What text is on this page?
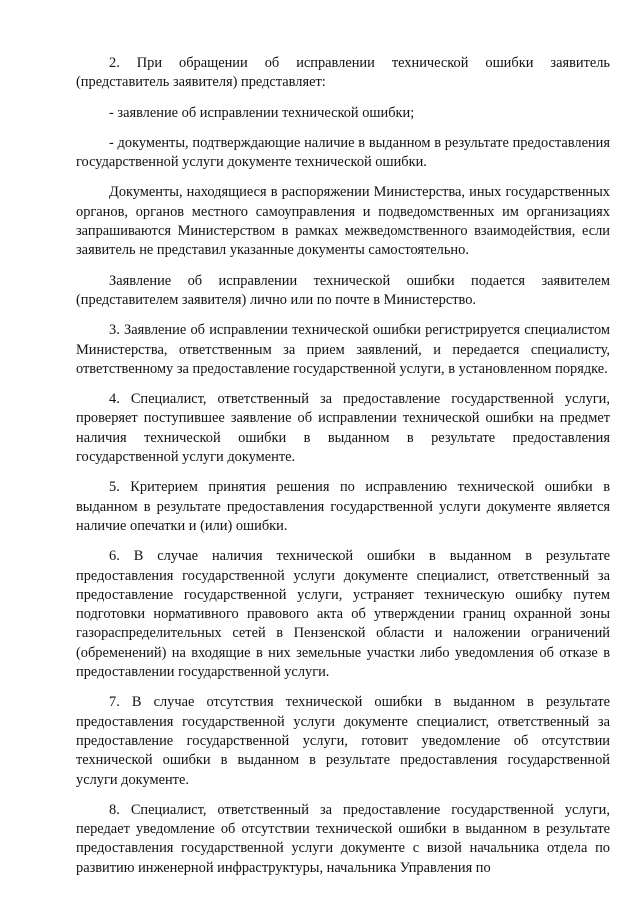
2. При обращении об исправлении технической ошибки заявитель (представитель заявителя) представляет:

- заявление об исправлении технической ошибки;

- документы, подтверждающие наличие в выданном в результате предоставления государственной услуги документе технической ошибки.

Документы, находящиеся в распоряжении Министерства, иных государственных органов, органов местного самоуправления и подведомственных им организациях запрашиваются Министерством в рамках межведомственного взаимодействия, если заявитель не представил указанные документы самостоятельно.

Заявление об исправлении технической ошибки подается заявителем (представителем заявителя) лично или по почте в Министерство.

3. Заявление об исправлении технической ошибки регистрируется специалистом Министерства, ответственным за прием заявлений, и передается специалисту, ответственному за предоставление государственной услуги, в установленном порядке.

4. Специалист, ответственный за предоставление государственной услуги, проверяет поступившее заявление об исправлении технической ошибки на предмет наличия технической ошибки в выданном в результате предоставления государственной услуги документе.

5. Критерием принятия решения по исправлению технической ошибки в выданном в результате предоставления государственной услуги документе является наличие опечатки и (или) ошибки.

6. В случае наличия технической ошибки в выданном в результате предоставления государственной услуги документе специалист, ответственный за предоставление государственной услуги, устраняет техническую ошибку путем подготовки нормативного правового акта об утверждении границ охранной зоны газораспределительных сетей в Пензенской области и наложении ограничений (обременений) на входящие в них земельные участки либо уведомления об отказе в предоставлении государственной услуги.

7. В случае отсутствия технической ошибки в выданном в результате предоставления государственной услуги документе специалист, ответственный за предоставление государственной услуги, готовит уведомление об отсутствии технической ошибки в выданном в результате предоставления государственной услуги документе.

8. Специалист, ответственный за предоставление государственной услуги, передает уведомление об отсутствии технической ошибки в выданном в результате предоставления государственной услуги документе с визой начальника отдела по развитию инженерной инфраструктуры, начальника Управления по
